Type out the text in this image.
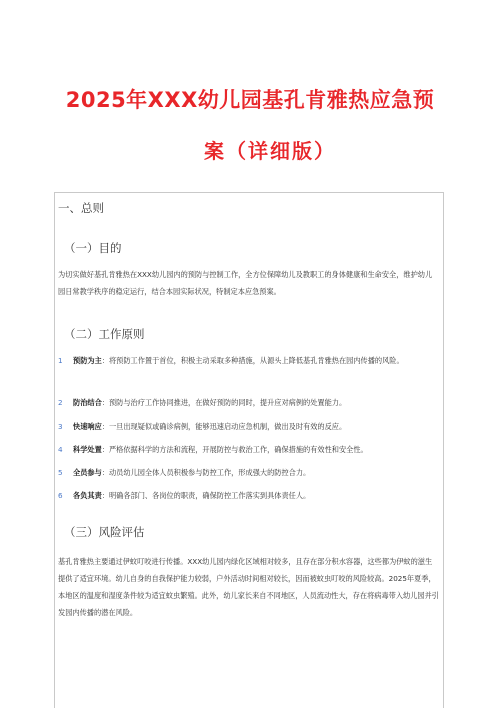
2025年XXX幼儿园基孔肯雅热应急预
案（详细版）
一、总则
（一）目的
为切实做好基孔肯雅热在XXX幼儿园内的预防与控制工作，全方位保障幼儿及教职工的身体健康和生命安全，维护幼儿园日常教学秩序的稳定运行，结合本园实际状况，特制定本应急预案。
（二）工作原则
1 预防为主：将预防工作置于首位，积极主动采取多种措施，从源头上降低基孔肯雅热在园内传播的风险。
2 防治结合：预防与治疗工作协同推进，在做好预防的同时，提升应对病例的处置能力。
3 快速响应：一旦出现疑似或确诊病例，能够迅速启动应急机制，做出及时有效的反应。
4 科学处置：严格依据科学的方法和流程，开展防控与救治工作，确保措施的有效性和安全性。
5 全员参与：动员幼儿园全体人员积极参与防控工作，形成强大的防控合力。
6 各负其责：明确各部门、各岗位的职责，确保防控工作落实到具体责任人。
（三）风险评估
基孔肯雅热主要通过伊蚊叮咬进行传播。XXX幼儿园内绿化区域相对较多，且存在部分积水容器，这些都为伊蚊的滋生提供了适宜环境。幼儿自身的自我保护能力较弱，户外活动时间相对较长，因而被蚊虫叮咬的风险较高。2025年夏季，本地区的温度和湿度条件较为适宜蚊虫繁殖。此外，幼儿家长来自不同地区，人员流动性大，存在将病毒带入幼儿园并引发园内传播的潜在风险。
